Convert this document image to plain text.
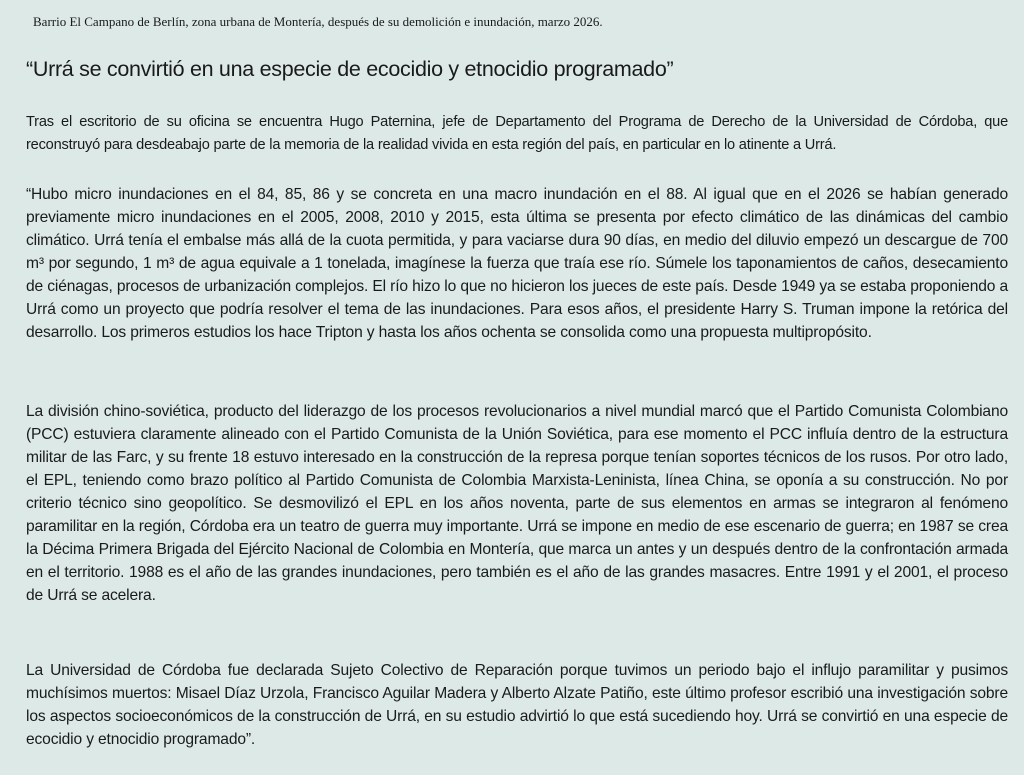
Barrio El Campano de Berlín, zona urbana de Montería, después de su demolición e inundación, marzo 2026.
“Urrá se convirtió en una especie de ecocidio y etnocidio programado”

Tras el escritorio de su oficina se encuentra Hugo Paternina, jefe de Departamento del Programa de Derecho de la Universidad de Córdoba, que reconstruyó para desdeabajo parte de la memoria de la realidad vivida en esta región del país, en particular en lo atinente a Urrá.

“Hubo micro inundaciones en el 84, 85, 86 y se concreta en una macro inundación en el 88. Al igual que en el 2026 se habían generado previamente micro inundaciones en el 2005, 2008, 2010 y 2015, esta última se presenta por efecto climático de las dinámicas del cambio climático. Urrá tenía el embalse más allá de la cuota permitida, y para vaciarse dura 90 días, en medio del diluvio empezó un descargue de 700 m³ por segundo, 1 m³ de agua equivale a 1 tonelada, imagínese la fuerza que traía ese río. Súmele los taponamientos de caños, desecamiento de ciénagas, procesos de urbanización complejos. El río hizo lo que no hicieron los jueces de este país. Desde 1949 ya se estaba proponiendo a Urrá como un proyecto que podría resolver el tema de las inundaciones. Para esos años, el presidente Harry S. Truman impone la retórica del desarrollo. Los primeros estudios los hace Tripton y hasta los años ochenta se consolida como una propuesta multipropósito.

La división chino-soviética, producto del liderazgo de los procesos revolucionarios a nivel mundial marcó que el Partido Comunista Colombiano (PCC) estuviera claramente alineado con el Partido Comunista de la Unión Soviética, para ese momento el PCC influía dentro de la estructura militar de las Farc, y su frente 18 estuvo interesado en la construcción de la represa porque tenían soportes técnicos de los rusos. Por otro lado, el EPL, teniendo como brazo político al Partido Comunista de Colombia Marxista-Leninista, línea China, se oponía a su construcción. No por criterio técnico sino geopolítico. Se desmovilizó el EPL en los años noventa, parte de sus elementos en armas se integraron al fenómeno paramilitar en la región, Córdoba era un teatro de guerra muy importante. Urrá se impone en medio de ese escenario de guerra; en 1987 se crea la Décima Primera Brigada del Ejército Nacional de Colombia en Montería, que marca un antes y un después dentro de la confrontación armada en el territorio. 1988 es el año de las grandes inundaciones, pero también es el año de las grandes masacres. Entre 1991 y el 2001, el proceso de Urrá se acelera.

La Universidad de Córdoba fue declarada Sujeto Colectivo de Reparación porque tuvimos un periodo bajo el influjo paramilitar y pusimos muchísimos muertos: Misael Díaz Urzola, Francisco Aguilar Madera y Alberto Alzate Patiño, este último profesor escribió una investigación sobre los aspectos socioeconómicos de la construcción de Urrá, en su estudio advirtió lo que está sucediendo hoy. Urrá se convirtió en una especie de ecocidio y etnocidio programado”.
